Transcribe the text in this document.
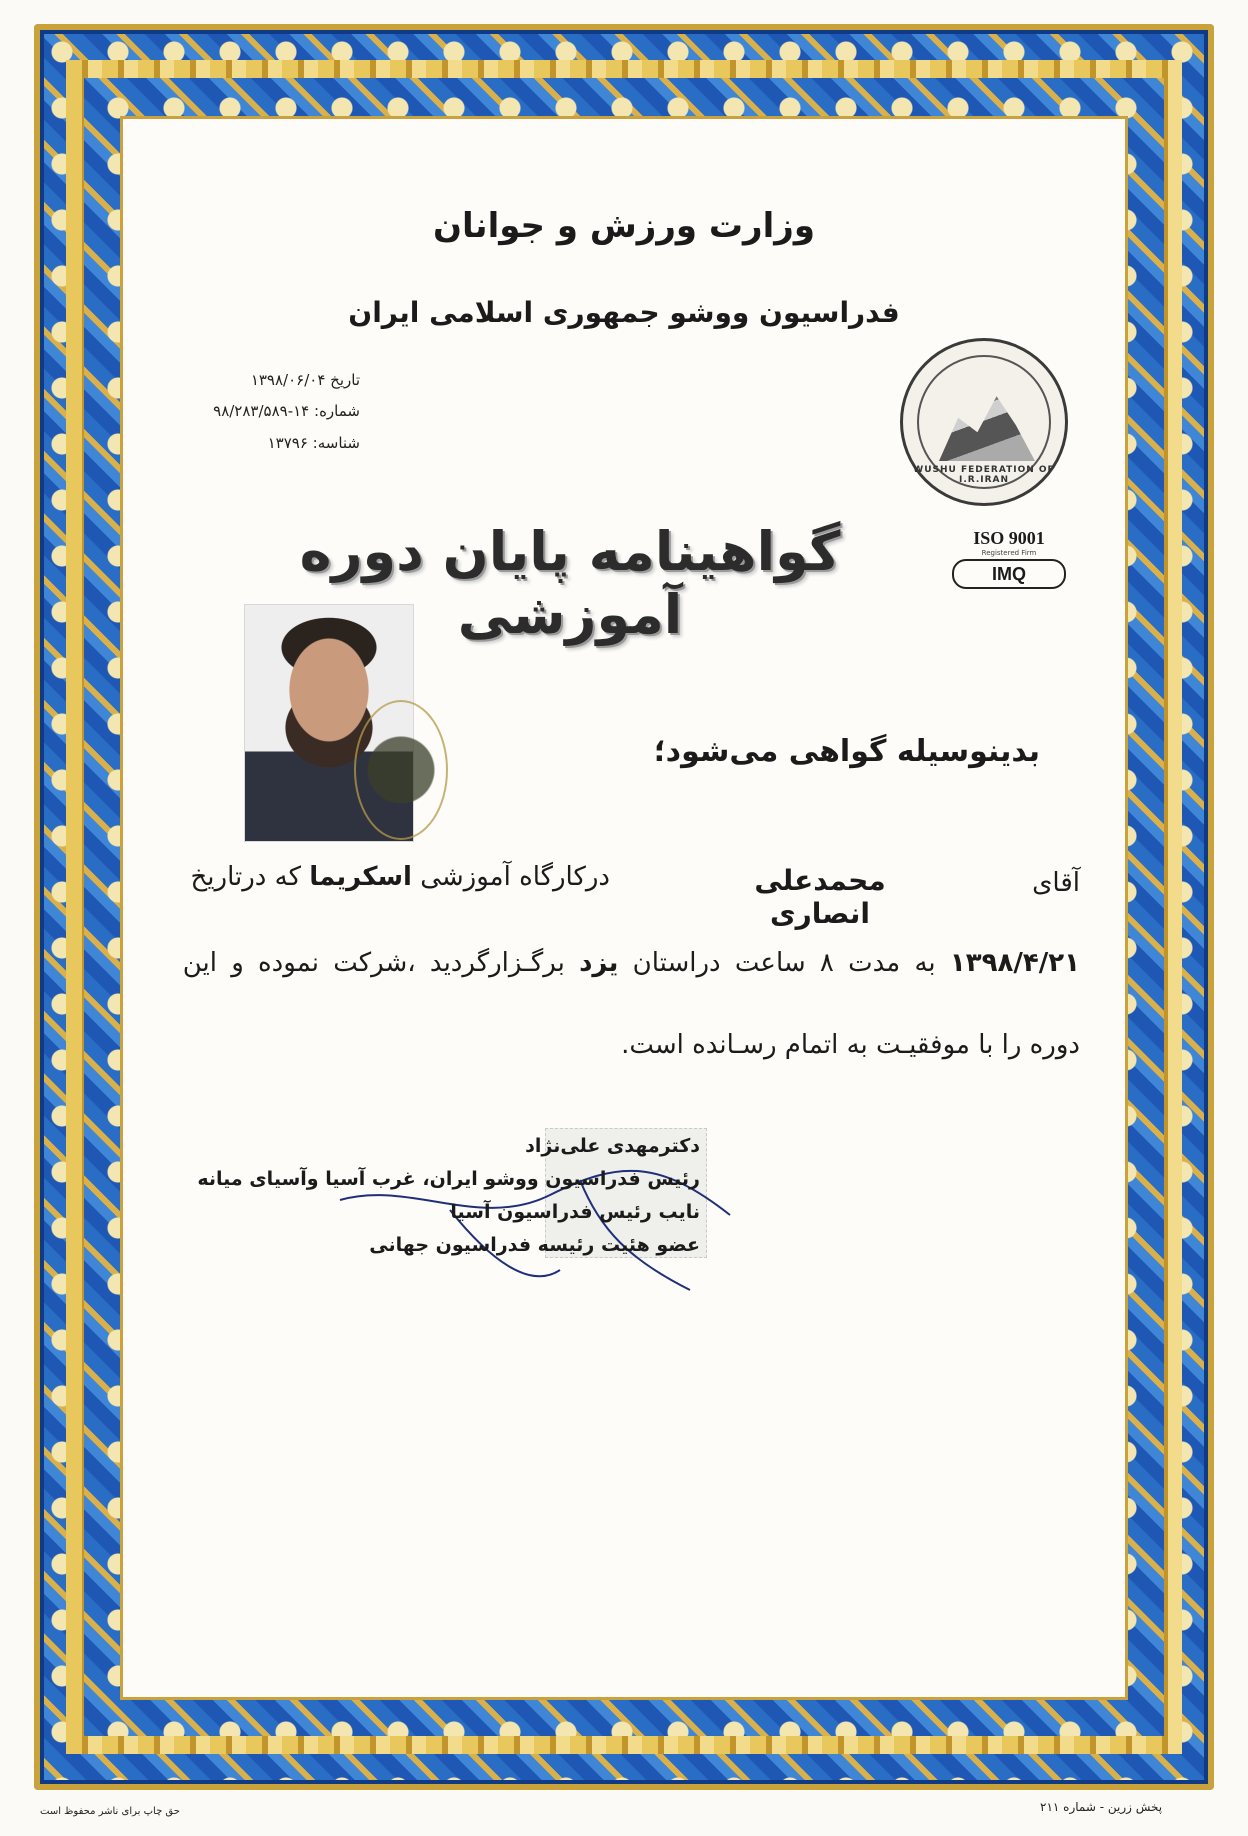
وزارت ورزش و جوانان
فدراسیون ووشو جمهوری اسلامی ایران
تاریخ ۱۳۹۸/۰۶/۰۴
شماره: ۱۴-۹۸/۲۸۳/۵۸۹
شناسه: ۱۳۷۹۶
WUSHU FEDERATION OF I.R.IRAN
ISO 9001
Registered Firm
IMQ
گواهینامه پایان دوره آموزشی
بدینوسیله گواهی می‌شود؛
آقای
محمدعلی انصاری
درکارگاه آموزشی اسکریما که درتاریخ
۱۳۹۸/۴/۲۱ به مدت ۸ ساعت دراستان یزد برگـزارگردید ،شرکت نموده و این
دوره را با موفقیـت به اتمام رسـانده است.
دکترمهدی علی‌نژاد
رئیس فدراسیون ووشو ایران، غرب آسیا وآسیای میانه
نایب رئیس فدراسیون آسیا
عضو هئیت رئیسه فدراسیون جهانی
حق چاپ برای ناشر محفوظ است	پخش زرین - شماره ۲۱۱
